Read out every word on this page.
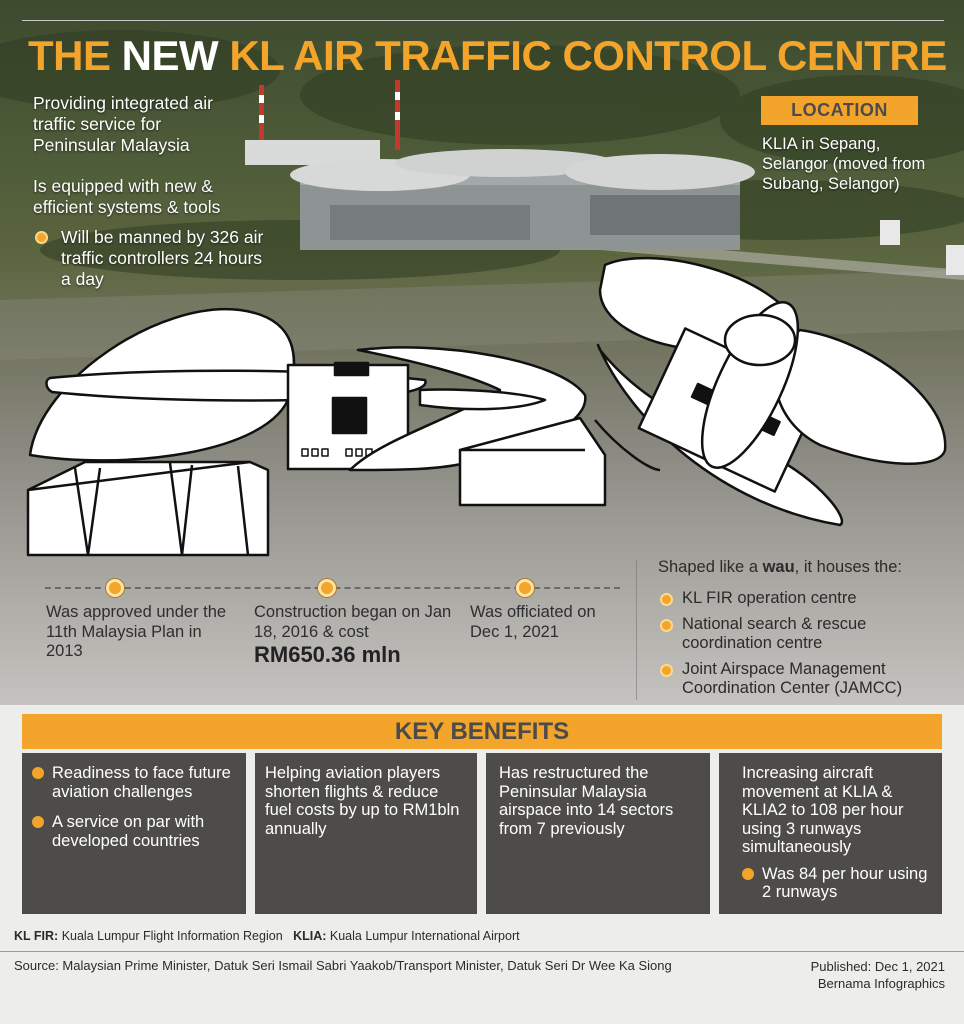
THE NEW KL AIR TRAFFIC CONTROL CENTRE
Providing integrated air traffic service for Peninsular Malaysia
Is equipped with new & efficient systems & tools
Will be manned by 326 air traffic controllers 24 hours a day
LOCATION
KLIA in Sepang, Selangor (moved from Subang, Selangor)
Was approved under the 11th Malaysia Plan in 2013
Construction began on Jan 18, 2016 & cost
RM650.36 mln
Was officiated on Dec 1, 2021
Shaped like a wau, it houses the:
KL FIR operation centre
National search & rescue coordination centre
Joint Airspace Management Coordination Center (JAMCC)
KEY BENEFITS
Readiness to face future aviation challenges
A service on par with developed countries
Helping aviation players shorten flights & reduce fuel costs by up to RM1bln annually
Has restructured the Peninsular Malaysia airspace into 14 sectors from 7 previously
Increasing aircraft movement at KLIA & KLIA2 to 108 per hour using 3 runways simultaneously
Was 84 per hour using 2 runways
KL FIR: Kuala Lumpur Flight Information Region KLIA: Kuala Lumpur International Airport
Source: Malaysian Prime Minister, Datuk Seri Ismail Sabri Yaakob/Transport Minister, Datuk Seri Dr Wee Ka Siong	Published: Dec 1, 2021
Bernama Infographics
